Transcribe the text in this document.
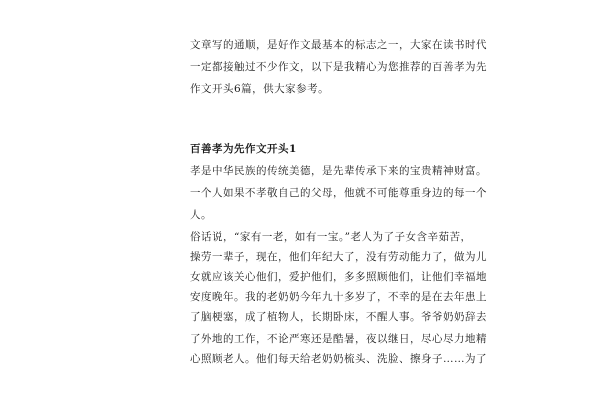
文章写的通顺，是好作文最基本的标志之一，大家在读书时代
一定都接触过不少作文，以下是我精心为您推荐的百善孝为先
作文开头6篇，供大家参考。
百善孝为先作文开头1
孝是中华民族的传统美德，是先辈传承下来的宝贵精神财富。
一个人如果不孝敬自己的父母，他就不可能尊重身边的每一个
人。
俗话说，“家有一老，如有一宝。”老人为了子女含辛茹苦，
操劳一辈子，现在，他们年纪大了，没有劳动能力了，做为儿
女就应该关心他们，爱护他们，多多照顾他们，让他们幸福地
安度晚年。我的老奶奶今年九十多岁了，不幸的是在去年患上
了脑梗塞，成了植物人，长期卧床，不醒人事。爷爷奶奶辞去
了外地的工作，不论严寒还是酷暑，夜以继日，尽心尽力地精
心照顾老人。他们每天给老奶奶梳头、洗脸、擦身子……为了
